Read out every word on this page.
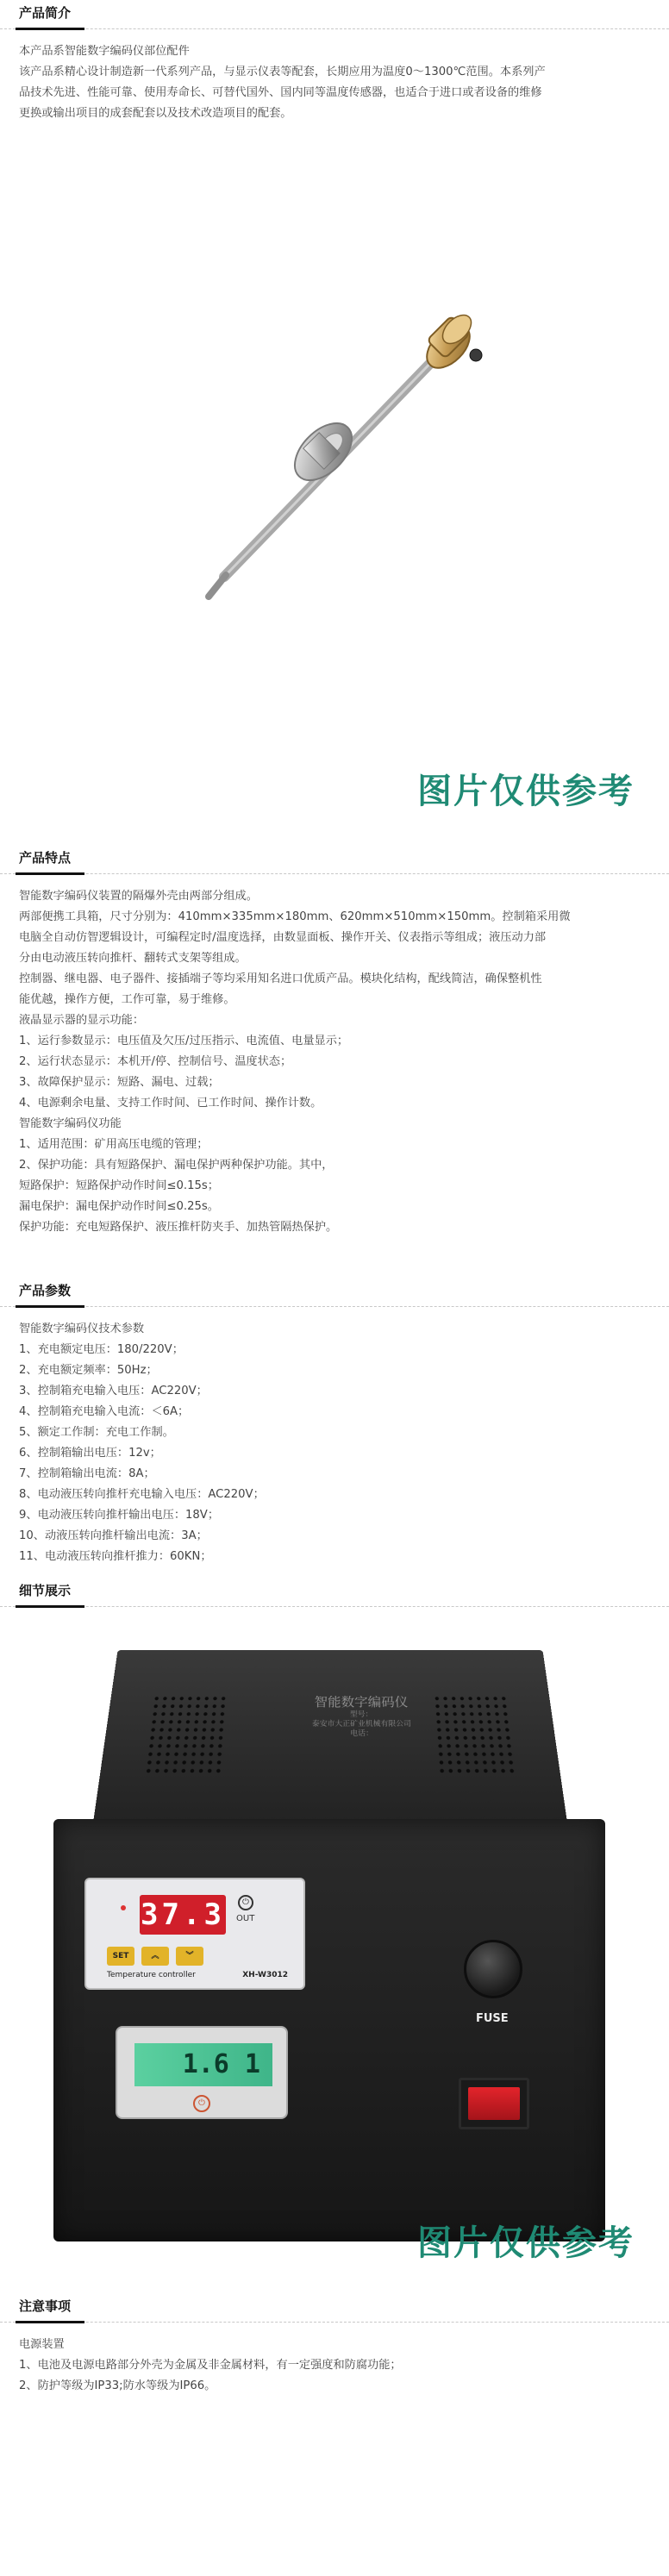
产品简介

本产品系智能数字编码仪部位配件

该产品系精心设计制造新一代系列产品，与显示仪表等配套，长期应用为温度0～1300℃范围。本系列产

品技术先进、性能可靠、使用寿命长、可替代国外、国内同等温度传感器，也适合于进口或者设备的维修

更换或输出项目的成套配套以及技术改造项目的配套。

图片仅供参考
产品特点

智能数字编码仪装置的隔爆外壳由两部分组成。

两部便携工具箱，尺寸分别为：410mm×335mm×180mm、620mm×510mm×150mm。控制箱采用微

电脑全自动仿智逻辑设计，可编程定时/温度选择，由数显面板、操作开关、仪表指示等组成；液压动力部

分由电动液压转向推杆、翻转式支架等组成。

控制器、继电器、电子器件、接插端子等均采用知名进口优质产品。模块化结构，配线简洁，确保整机性

能优越，操作方便，工作可靠，易于维修。

液晶显示器的显示功能：

1、运行参数显示：电压值及欠压/过压指示、电流值、电量显示；

2、运行状态显示：本机开/停、控制信号、温度状态；

3、故障保护显示：短路、漏电、过载；

4、电源剩余电量、支持工作时间、已工作时间、操作计数。

智能数字编码仪功能

1、适用范围：矿用高压电缆的管理；

2、保护功能：具有短路保护、漏电保护两种保护功能。其中，

短路保护：短路保护动作时间≤0.15s；

漏电保护：漏电保护动作时间≤0.25s。

保护功能：充电短路保护、液压推杆防夹手、加热管隔热保护。

产品参数

智能数字编码仪技术参数

1、充电额定电压：180/220V；

2、充电额定频率：50Hz；

3、控制箱充电输入电压：AC220V；

4、控制箱充电输入电流：＜6A；

5、额定工作制：充电工作制。

6、控制箱输出电压：12v；

7、控制箱输出电流：8A；

8、电动液压转向推杆充电输入电压：AC220V；

9、电动液压转向推杆输出电压：18V；

10、动液压转向推杆输出电流：3A；

11、电动液压转向推杆推力：60KN；

细节展示
智能数字编码仪
型号：
泰安市大正矿业机械有限公司
电话：
37.3	⏻
OUT
SET	︽	︾
Temperature controller	XH-W3012
1.6 1
⏻
FUSE
图片仅供参考
注意事项

电源装置

1、电池及电源电路部分外壳为金属及非金属材料，有一定强度和防腐功能；

2、防护等级为IP33;防水等级为IP66。
